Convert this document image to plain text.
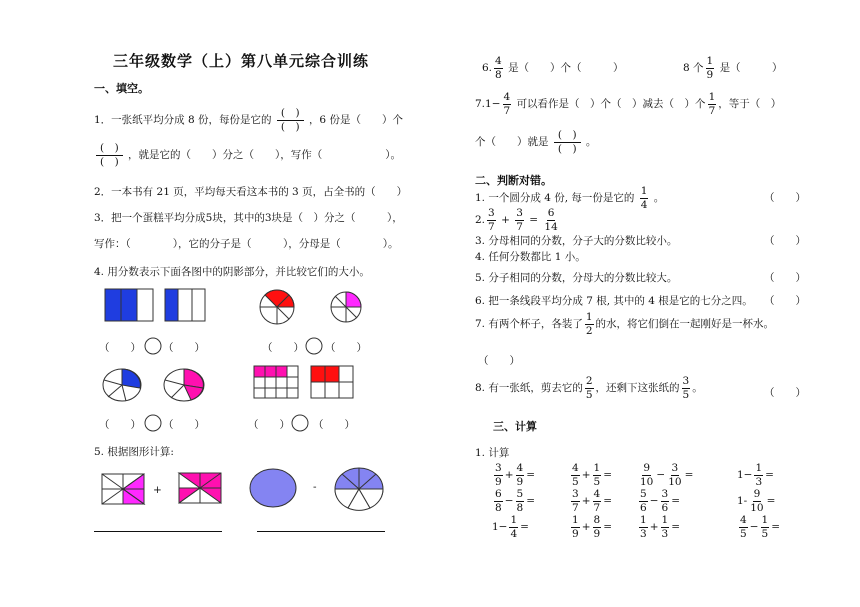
三年级数学（上）第八单元综合训练
一、填空。
1．一张纸平均分成 8 份，每份是它的 $\frac{( )}{( )}$ ，6 份是（　　）个
$\frac{( )}{( )}$ ，就是它的（　　）分之（　　），写作（　　　　　　）。
2．一本书有 21 页，平均每天看这本书的 3 页，占全书的（　　）
3．把一个蛋糕平均分成5块，其中的3块是（　）分之（　　　），
写作：（　　　　），它的分子是（　　　），分母是（　　　　）。
4. 用分数表示下面各图中的阴影部分，并比较它们的大小。
（　　） （　　）	（　　） （　　）
（　　） （　　）	（　　） （　　）
5. 根据图形计算:
+	-
6. $\frac{4}{8}$ 是（　　）个（　　　）	8 个 $\frac{1}{9}$ 是（　　　）
$7.1- \frac{4}{7}$ 可以看作是（　）个（　）减去（　）个 $\frac{1}{7}$ ，等于（　）
个（　　）就是 $\frac{( )}{( )}$ 。
二、判断对错。
1. 一个圆分成 4 份, 每一份是它的 $\frac{1}{4}$ 。	（　　）
2. $\frac{3}{7} + \frac{3}{7} = \frac{6}{14}$
3. 分母相同的分数，分子大的分数比较小。	（　　）
4. 任何分数都比 1 小。
5. 分子相同的分数，分母大的分数比较大。	（　　）
6. 把一条线段平均分成 7 根, 其中的 4 根是它的七分之四。 （　　）
7. 有两个杯子，各装了 $\frac{1}{2}$ 的水，将它们倒在一起刚好是一杯水。
（　　）
8. 有一张纸，剪去它的 $\frac{2}{5}$ ，还剩下这张纸的 $\frac{3}{5}$ 。	（　　）
三、计算
1. 计算
$\frac{3}{9} + \frac{4}{9}$ =	$\frac{4}{5} + \frac{1}{5}$ =	$\frac{9}{10} - \frac{3}{10}$ =	$1- \frac{1}{3}$ =
$\frac{6}{8} - \frac{5}{8}$ =	$\frac{3}{7} + \frac{4}{7}$ =	$\frac{5}{6} - \frac{3}{6}$ =	$1- \frac{9}{10}$ =
$1- \frac{1}{4}$ =	$\frac{1}{9} + \frac{8}{9}$ =	$\frac{1}{3} + \frac{1}{3}$ =	$\frac{4}{5} - \frac{1}{5}$ =
